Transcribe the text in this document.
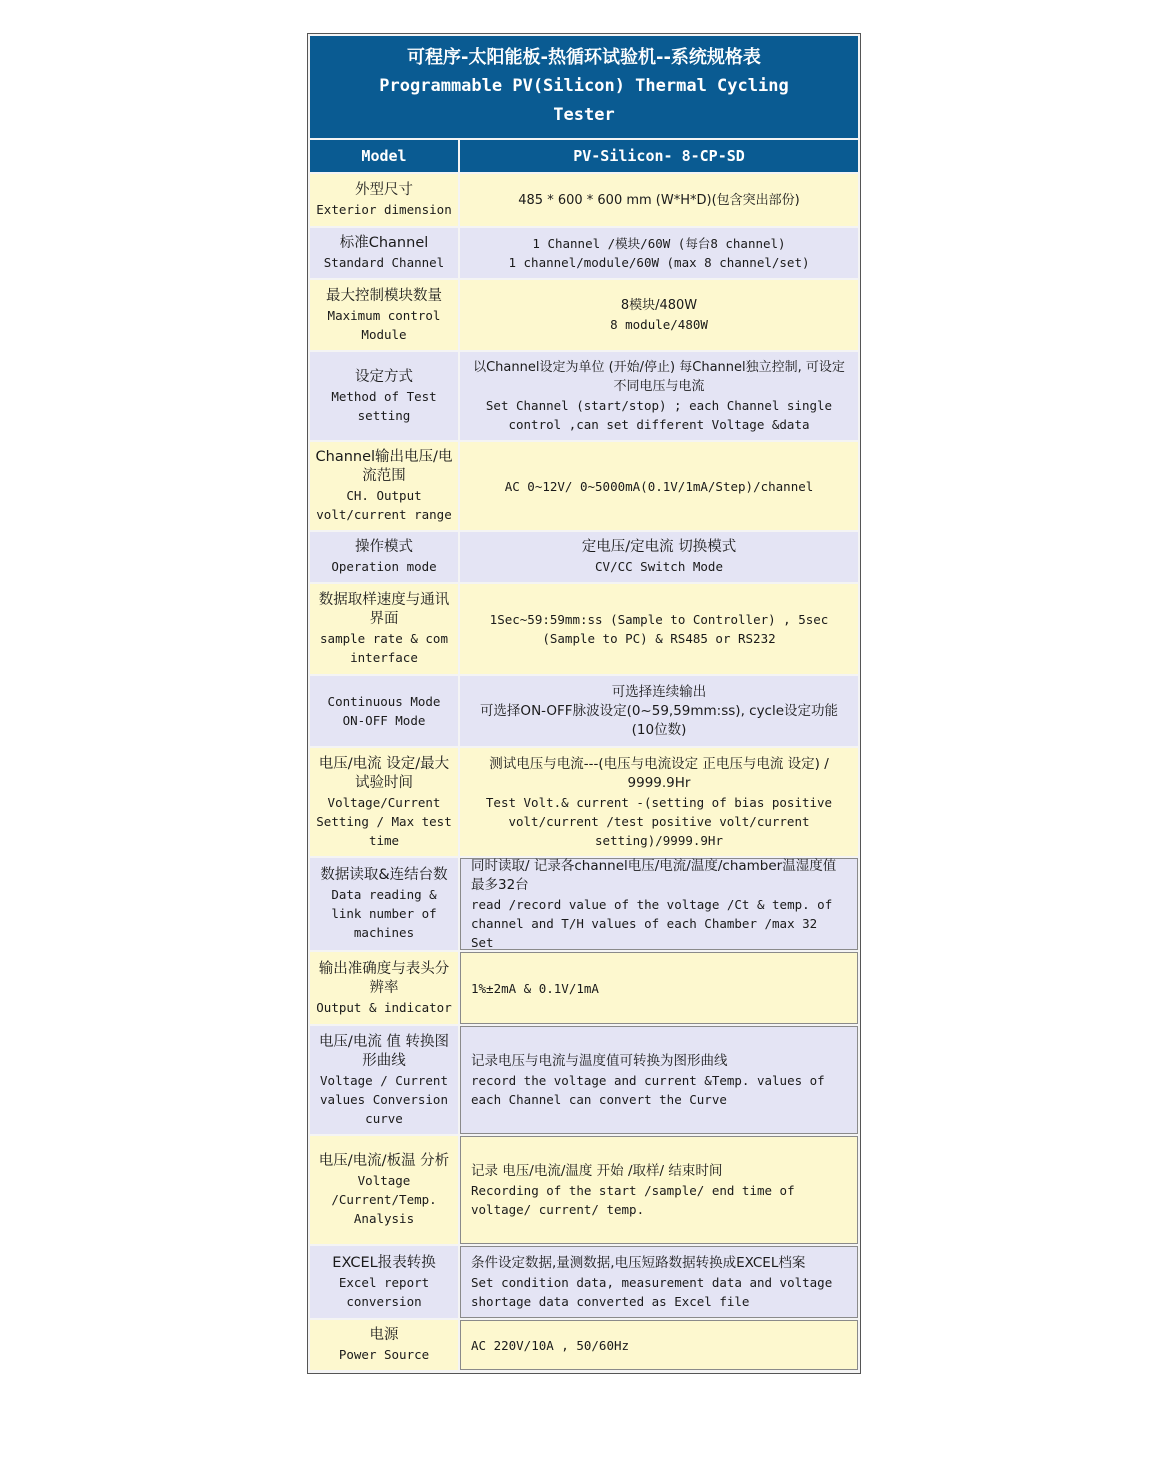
可程序-太阳能板-热循环试验机--系统规格表
Programmable PV(Silicon) Thermal Cycling Tester
Model	PV-Silicon- 8-CP-SD
外型尺寸
Exterior dimension
485 * 600 * 600 mm (W*H*D)(包含突出部份)
标准Channel
Standard Channel
1 Channel /模块/60W (每台8 channel)
1 channel/module/60W (max 8 channel/set)
最大控制模块数量
Maximum control Module
8模块/480W
8 module/480W
设定方式
Method of Test setting
以Channel设定为单位 (开始/停止) 每Channel独立控制, 可设定不同电压与电流
Set Channel (start/stop) ; each Channel single control ,can set different Voltage &data
Channel输出电压/电流范围
CH. Output volt/current range
AC 0~12V/ 0~5000mA(0.1V/1mA/Step)/channel
操作模式
Operation mode
定电压/定电流 切换模式
CV/CC Switch Mode
数据取样速度与通讯界面
sample rate & com interface
1Sec~59:59mm:ss (Sample to Controller) , 5sec (Sample to PC) & RS485 or RS232
Continuous Mode ON-OFF Mode
可选择连续输出
可选择ON-OFF脉波设定(0~59,59mm:ss), cycle设定功能(10位数)
电压/电流 设定/最大试验时间
Voltage/Current Setting / Max test time
测试电压与电流---(电压与电流设定 正电压与电流 设定) / 9999.9Hr
Test Volt.& current -(setting of bias positive volt/current /test positive volt/current setting)/9999.9Hr
数据读取&连结台数
Data reading & link number of machines
同时读取/ 记录各channel电压/电流/温度/chamber温湿度值 最多32台
read /record value of the voltage /Ct & temp. of channel and T/H values of each Chamber /max 32 Set
输出准确度与表头分辨率
Output & indicator
1%±2mA & 0.1V/1mA
电压/电流 值 转换图形曲线
Voltage / Current values Conversion curve
记录电压与电流与温度值可转换为图形曲线
record the voltage and current &Temp. values of each Channel can convert the Curve
电压/电流/板温 分析
Voltage /Current/Temp. Analysis
记录 电压/电流/温度 开始 /取样/ 结束时间
Recording of the start /sample/ end time of voltage/ current/ temp.
EXCEL报表转换
Excel report conversion
条件设定数据,量测数据,电压短路数据转换成EXCEL档案
Set condition data, measurement data and voltage shortage data converted as Excel file
电源
Power Source
AC 220V/10A , 50/60Hz
